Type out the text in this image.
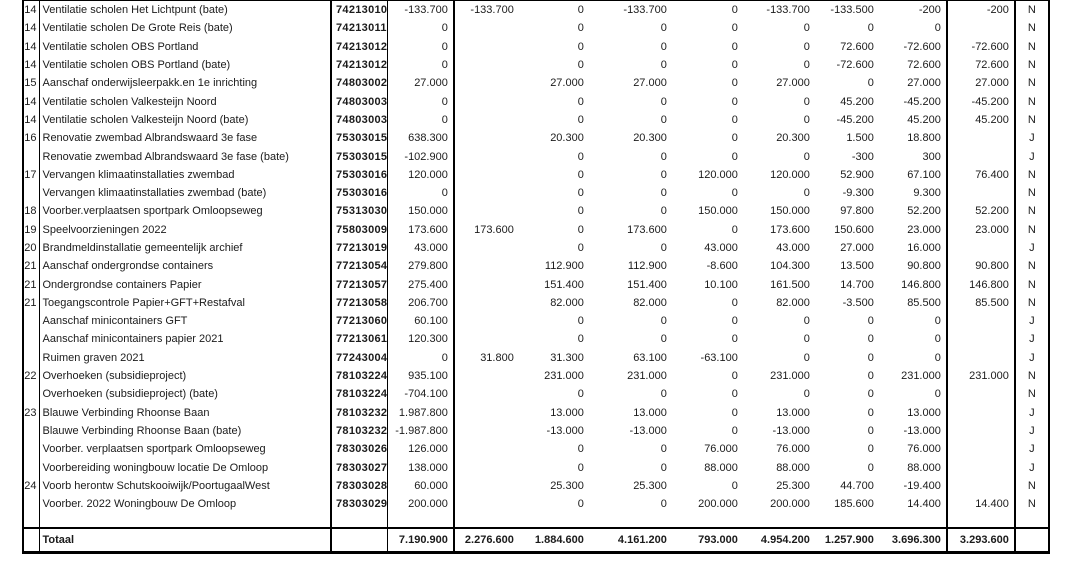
14	Ventilatie scholen Het Lichtpunt (bate)	74213010	-133.700	-133.700	0	-133.700	0	-133.700	-133.500	-200	-200	N
14	Ventilatie scholen De Grote Reis (bate)	74213011	0		0	0	0	0	0	0		N
14	Ventilatie scholen OBS Portland	74213012	0		0	0	0	0	72.600	-72.600	-72.600	N
14	Ventilatie scholen OBS Portland (bate)	74213012	0		0	0	0	0	-72.600	72.600	72.600	N
15	Aanschaf onderwijsleerpakk.en 1e inrichting	74803002	27.000		27.000	27.000	0	27.000	0	27.000	27.000	N
14	Ventilatie scholen Valkesteijn Noord	74803003	0		0	0	0	0	45.200	-45.200	-45.200	N
14	Ventilatie scholen Valkesteijn Noord (bate)	74803003	0		0	0	0	0	-45.200	45.200	45.200	N
16	Renovatie zwembad Albrandswaard 3e fase	75303015	638.300		20.300	20.300	0	20.300	1.500	18.800		J
	Renovatie zwembad Albrandswaard 3e fase (bate)	75303015	-102.900		0	0	0	0	-300	300		J
17	Vervangen klimaatinstallaties zwembad	75303016	120.000		0	0	120.000	120.000	52.900	67.100	76.400	N
	Vervangen klimaatinstallaties zwembad (bate)	75303016	0		0	0	0	0	-9.300	9.300		N
18	Voorber.verplaatsen sportpark Omloopseweg	75313030	150.000		0	0	150.000	150.000	97.800	52.200	52.200	N
19	Speelvoorzieningen 2022	75803009	173.600	173.600	0	173.600	0	173.600	150.600	23.000	23.000	N
20	Brandmeldinstallatie gemeentelijk archief	77213019	43.000		0	0	43.000	43.000	27.000	16.000		J
21	Aanschaf ondergrondse containers	77213054	279.800		112.900	112.900	-8.600	104.300	13.500	90.800	90.800	N
21	Ondergrondse containers Papier	77213057	275.400		151.400	151.400	10.100	161.500	14.700	146.800	146.800	N
21	Toegangscontrole Papier+GFT+Restafval	77213058	206.700		82.000	82.000	0	82.000	-3.500	85.500	85.500	N
	Aanschaf minicontainers GFT	77213060	60.100		0	0	0	0	0	0		J
	Aanschaf minicontainers papier 2021	77213061	120.300		0	0	0	0	0	0		J
	Ruimen graven 2021	77243004	0	31.800	31.300	63.100	-63.100	0	0	0		J
22	Overhoeken (subsidieproject)	78103224	935.100		231.000	231.000	0	231.000	0	231.000	231.000	N
	Overhoeken (subsidieproject) (bate)	78103224	-704.100		0	0	0	0	0	0		N
23	Blauwe Verbinding Rhoonse Baan	78103232	1.987.800		13.000	13.000	0	13.000	0	13.000		J
	Blauwe Verbinding Rhoonse Baan (bate)	78103232	-1.987.800		-13.000	-13.000	0	-13.000	0	-13.000		J
	Voorber. verplaatsen sportpark Omloopseweg	78303026	126.000		0	0	76.000	76.000	0	76.000		J
	Voorbereiding woningbouw locatie De Omloop	78303027	138.000		0	0	88.000	88.000	0	88.000		J
24	Voorb herontw Schutskooiwijk/PoortugaalWest	78303028	60.000		25.300	25.300	0	25.300	44.700	-19.400		N
	Voorber. 2022 Woningbouw De Omloop	78303029	200.000		0	0	200.000	200.000	185.600	14.400	14.400	N

	Totaal		7.190.900	2.276.600	1.884.600	4.161.200	793.000	4.954.200	1.257.900	3.696.300	3.293.600	
